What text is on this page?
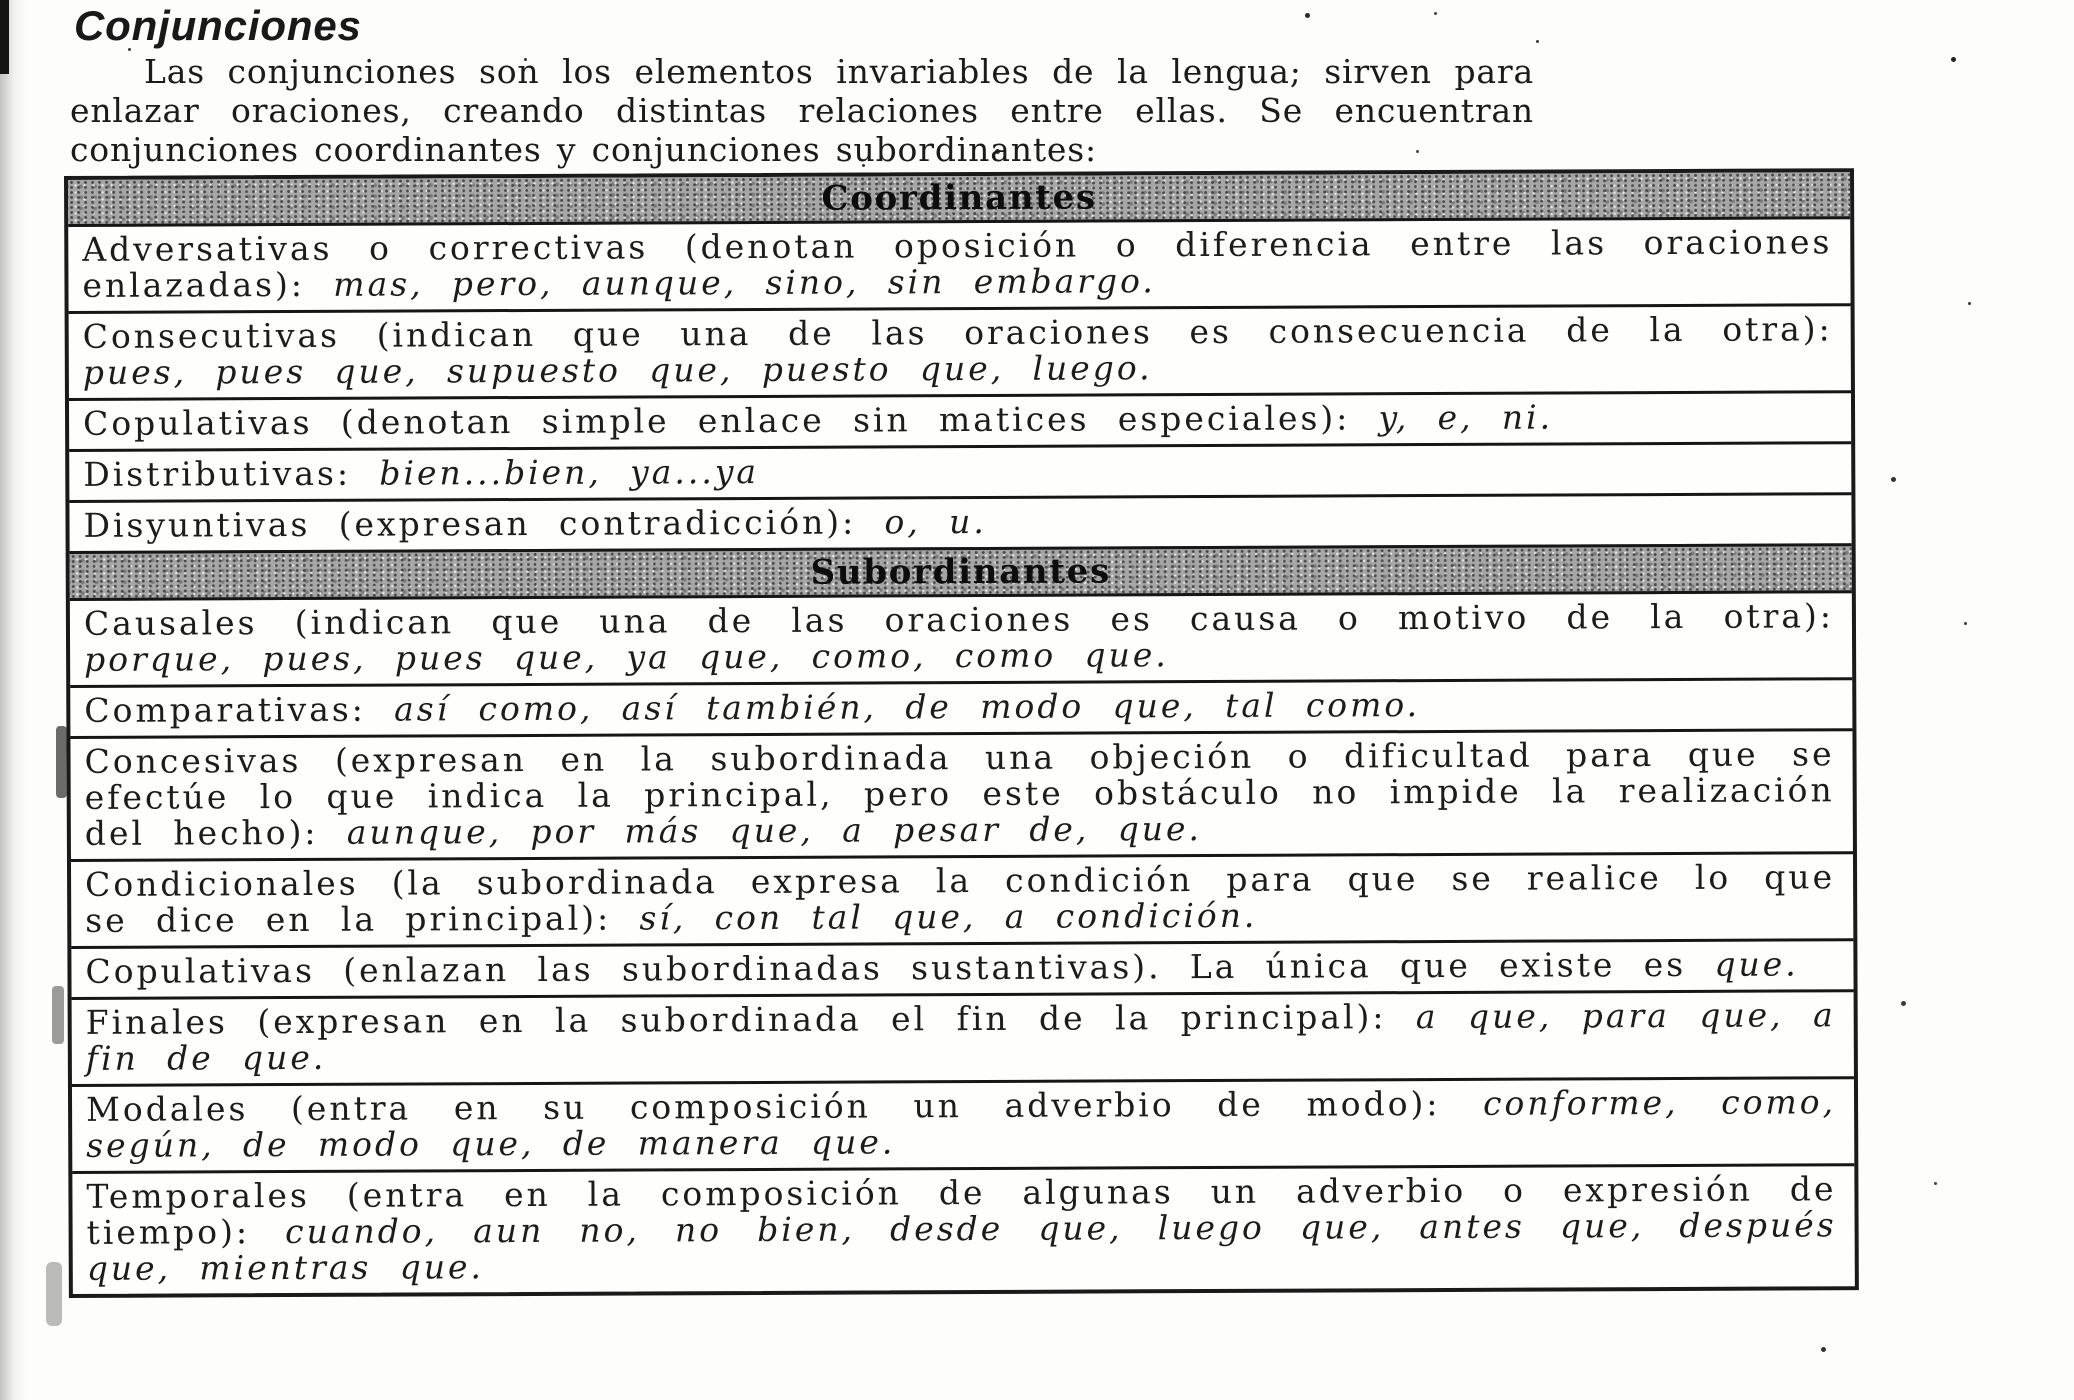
Conjunciones

Las conjunciones son los elementos invariables de la lengua; sirven para enlazar oraciones, creando distintas relaciones entre ellas. Se encuentran conjunciones coordinantes y conjunciones subordinantes:

Coordinantes
Adversativas o correctivas (denotan oposición o diferencia entre las oraciones enlazadas): mas, pero, aunque, sino, sin embargo.
Consecutivas (indican que una de las oraciones es consecuencia de la otra): pues, pues que, supuesto que, puesto que, luego.
Copulativas (denotan simple enlace sin matices especiales): y, e, ni.
Distributivas: bien...bien, ya...ya
Disyuntivas (expresan contradicción): o, u.
Subordinantes
Causales (indican que una de las oraciones es causa o motivo de la otra): porque, pues, pues que, ya que, como, como que.
Comparativas: así como, así también, de modo que, tal como.
Concesivas (expresan en la subordinada una objeción o dificultad para que se efectúe lo que indica la principal, pero este obstáculo no impide la realización del hecho): aunque, por más que, a pesar de, que.
Condicionales (la subordinada expresa la condición para que se realice lo que se dice en la principal): sí, con tal que, a condición.
Copulativas (enlazan las subordinadas sustantivas). La única que existe es que.
Finales (expresan en la subordinada el fin de la principal): a que, para que, a fin de que.
Modales (entra en su composición un adverbio de modo): conforme, como, según, de modo que, de manera que.
Temporales (entra en la composición de algunas un adverbio o expresión de tiempo): cuando, aun no, no bien, desde que, luego que, antes que, después que, mientras que.
